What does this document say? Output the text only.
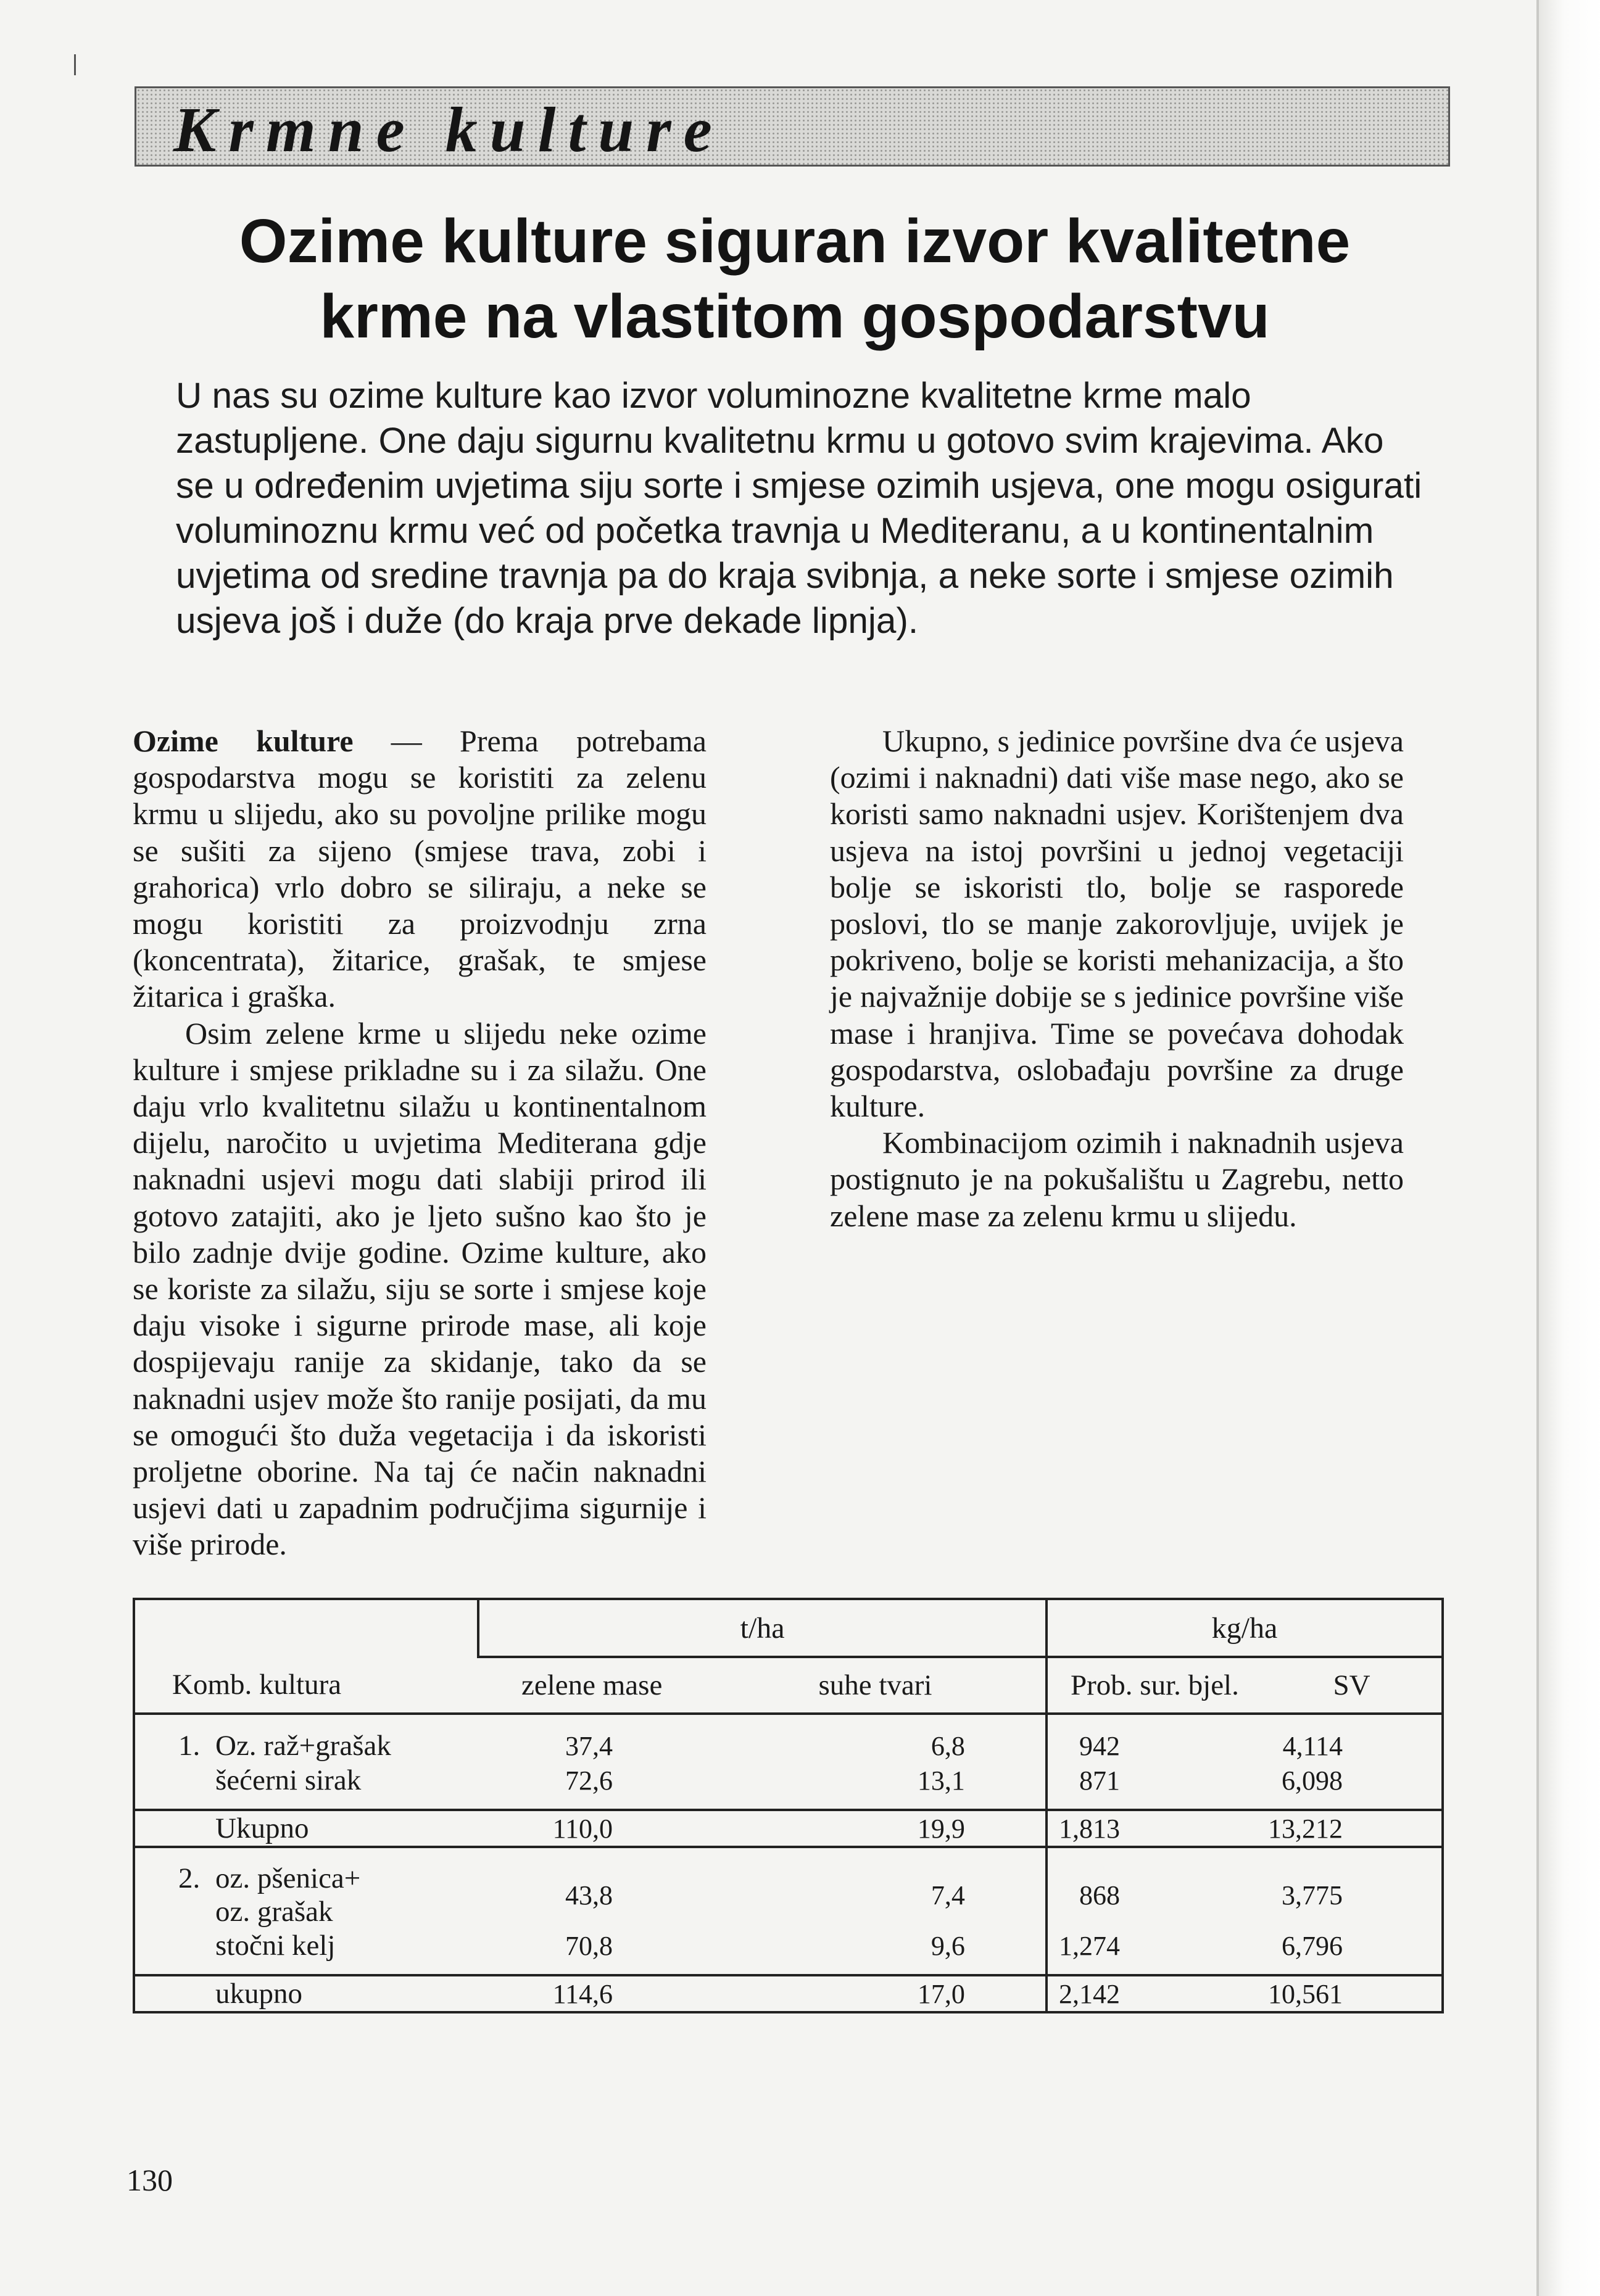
Krmne kulture
Ozime kulture siguran izvor kvalitetne
krme na vlastitom gospodarstvu

U nas su ozime kulture kao izvor voluminozne kvalitetne krme malo zastupljene. One daju sigurnu kvalitetnu krmu u gotovo svim krajevima. Ako se u određenim uvjetima siju sorte i smjese ozimih usjeva, one mogu osigurati voluminoznu krmu već od početka travnja u Mediteranu, a u kontinentalnim uvjetima od sredine travnja pa do kraja svibnja, a neke sorte i smjese ozimih usjeva još i duže (do kraja prve dekade lipnja).

Ozime kulture — Prema potrebama gospodarstva mogu se koristiti za zelenu krmu u slijedu, ako su povoljne prilike mogu se sušiti za sijeno (smjese trava, zobi i grahorica) vrlo dobro se siliraju, a neke se mogu koristiti za proizvodnju zrna (koncentrata), žitarice, grašak, te smjese žitarica i graška.

Osim zelene krme u slijedu neke ozime kulture i smjese prikladne su i za silažu. One daju vrlo kvalitetnu silažu u kontinentalnom dijelu, naročito u uvjetima Mediterana gdje naknadni usjevi mogu dati slabiji prirod ili gotovo zatajiti, ako je ljeto sušno kao što je bilo zadnje dvije godine. Ozime kulture, ako se koriste za silažu, siju se sorte i smjese koje daju visoke i sigurne prirode mase, ali koje dospijevaju ranije za skidanje, tako da se naknadni usjev može što ranije posijati, da mu se omogući što duža vegetacija i da iskoristi proljetne oborine. Na taj će način naknadni usjevi dati u zapadnim područjima sigurnije i više prirode.

Ukupno, s jedinice površine dva će usjeva (ozimi i naknadni) dati više mase nego, ako se koristi samo naknadni usjev. Korištenjem dva usjeva na istoj površini u jednoj vegetaciji bolje se iskoristi tlo, bolje se rasporede poslovi, tlo se manje zakorovljuje, uvijek je pokriveno, bolje se koristi mehanizacija, a što je najvažnije dobije se s jedinice površine više mase i hranjiva. Time se povećava dohodak gospodarstva, oslobađaju površine za druge kulture.

Kombinacijom ozimih i naknadnih usjeva postignuto je na pokušalištu u Zagrebu, netto zelene mase za zelenu krmu u slijedu.

	t/ha		kg/ha	
Komb. kultura	zelene mase	suhe tvari	Prob. sur. bjel.	SV
1. Oz. raž+grašak	37,4	6,8	942	4,114
šećerni sirak	72,6	13,1	871	6,098
Ukupno	110,0	19,9	1,813	13,212
2. oz. pšenica+
oz. grašak	43,8	7,4	868	3,775
stočni kelj	70,8	9,6	1,274	6,796
ukupno	114,6	17,0	2,142	10,561
130
